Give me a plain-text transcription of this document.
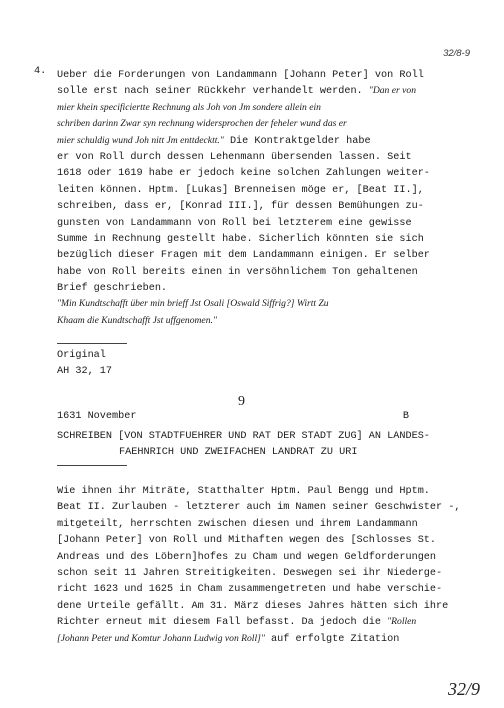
32/8-9
4. Ueber die Forderungen von Landammann [Johann Peter] von Roll
solle erst nach seiner Rückkehr verhandelt werden. "Dan er von
mier khein specificiertte Rechnung als Joh von Jm sondere allein ein
schriben darinn Zwar syn rechnung widersprochen der feheler wund das er
mier schuldig wund Joh nitt Jm enttdecktt." Die Kontraktgelder habe
er von Roll durch dessen Lehenmann übersenden lassen. Seit
1618 oder 1619 habe er jedoch keine solchen Zahlungen weiter-
leiten können. Hptm. [Lukas] Brenneisen möge er, [Beat II.],
schreiben, dass er, [Konrad III.], für dessen Bemühungen zu-
gunsten von Landammann von Roll bei letzterem eine gewisse
Summe in Rechnung gestellt habe. Sicherlich könnten sie sich
bezüglich dieser Fragen mit dem Landammann einigen. Er selber
habe von Roll bereits einen in versöhnlichem Ton gehaltenen
Brief geschrieben.
"Min Kundtschafft über min brieff Jst Osali [Oswald Siffrig?] Wirtt Zu
Khaam die Kundtschafft Jst uffgenomen."
Original
AH 32, 17
9
1631 November	B
SCHREIBEN [VON STADTFUEHRER UND RAT DER STADT ZUG] AN LANDES-
FAEHNRICH UND ZWEIFACHEN LANDRAT ZU URI
Wie ihnen ihr Miträte, Statthalter Hptm. Paul Bengg und Hptm.
Beat II. Zurlauben - letzterer auch im Namen seiner Geschwister -,
mitgeteilt, herrschten zwischen diesen und ihrem Landammann
[Johann Peter] von Roll und Mithaften wegen des [Schlosses St.
Andreas und des Löbern]hofes zu Cham und wegen Geldforderungen
schon seit 11 Jahren Streitigkeiten. Deswegen sei ihr Niederge-
richt 1623 und 1625 in Cham zusammengetreten und habe verschie-
dene Urteile gefällt. Am 31. März dieses Jahres hätten sich ihre
Richter erneut mit diesem Fall befasst. Da jedoch die "Rollen
[Johann Peter und Komtur Johann Ludwig von Roll]" auf erfolgte Zitation
32/9
